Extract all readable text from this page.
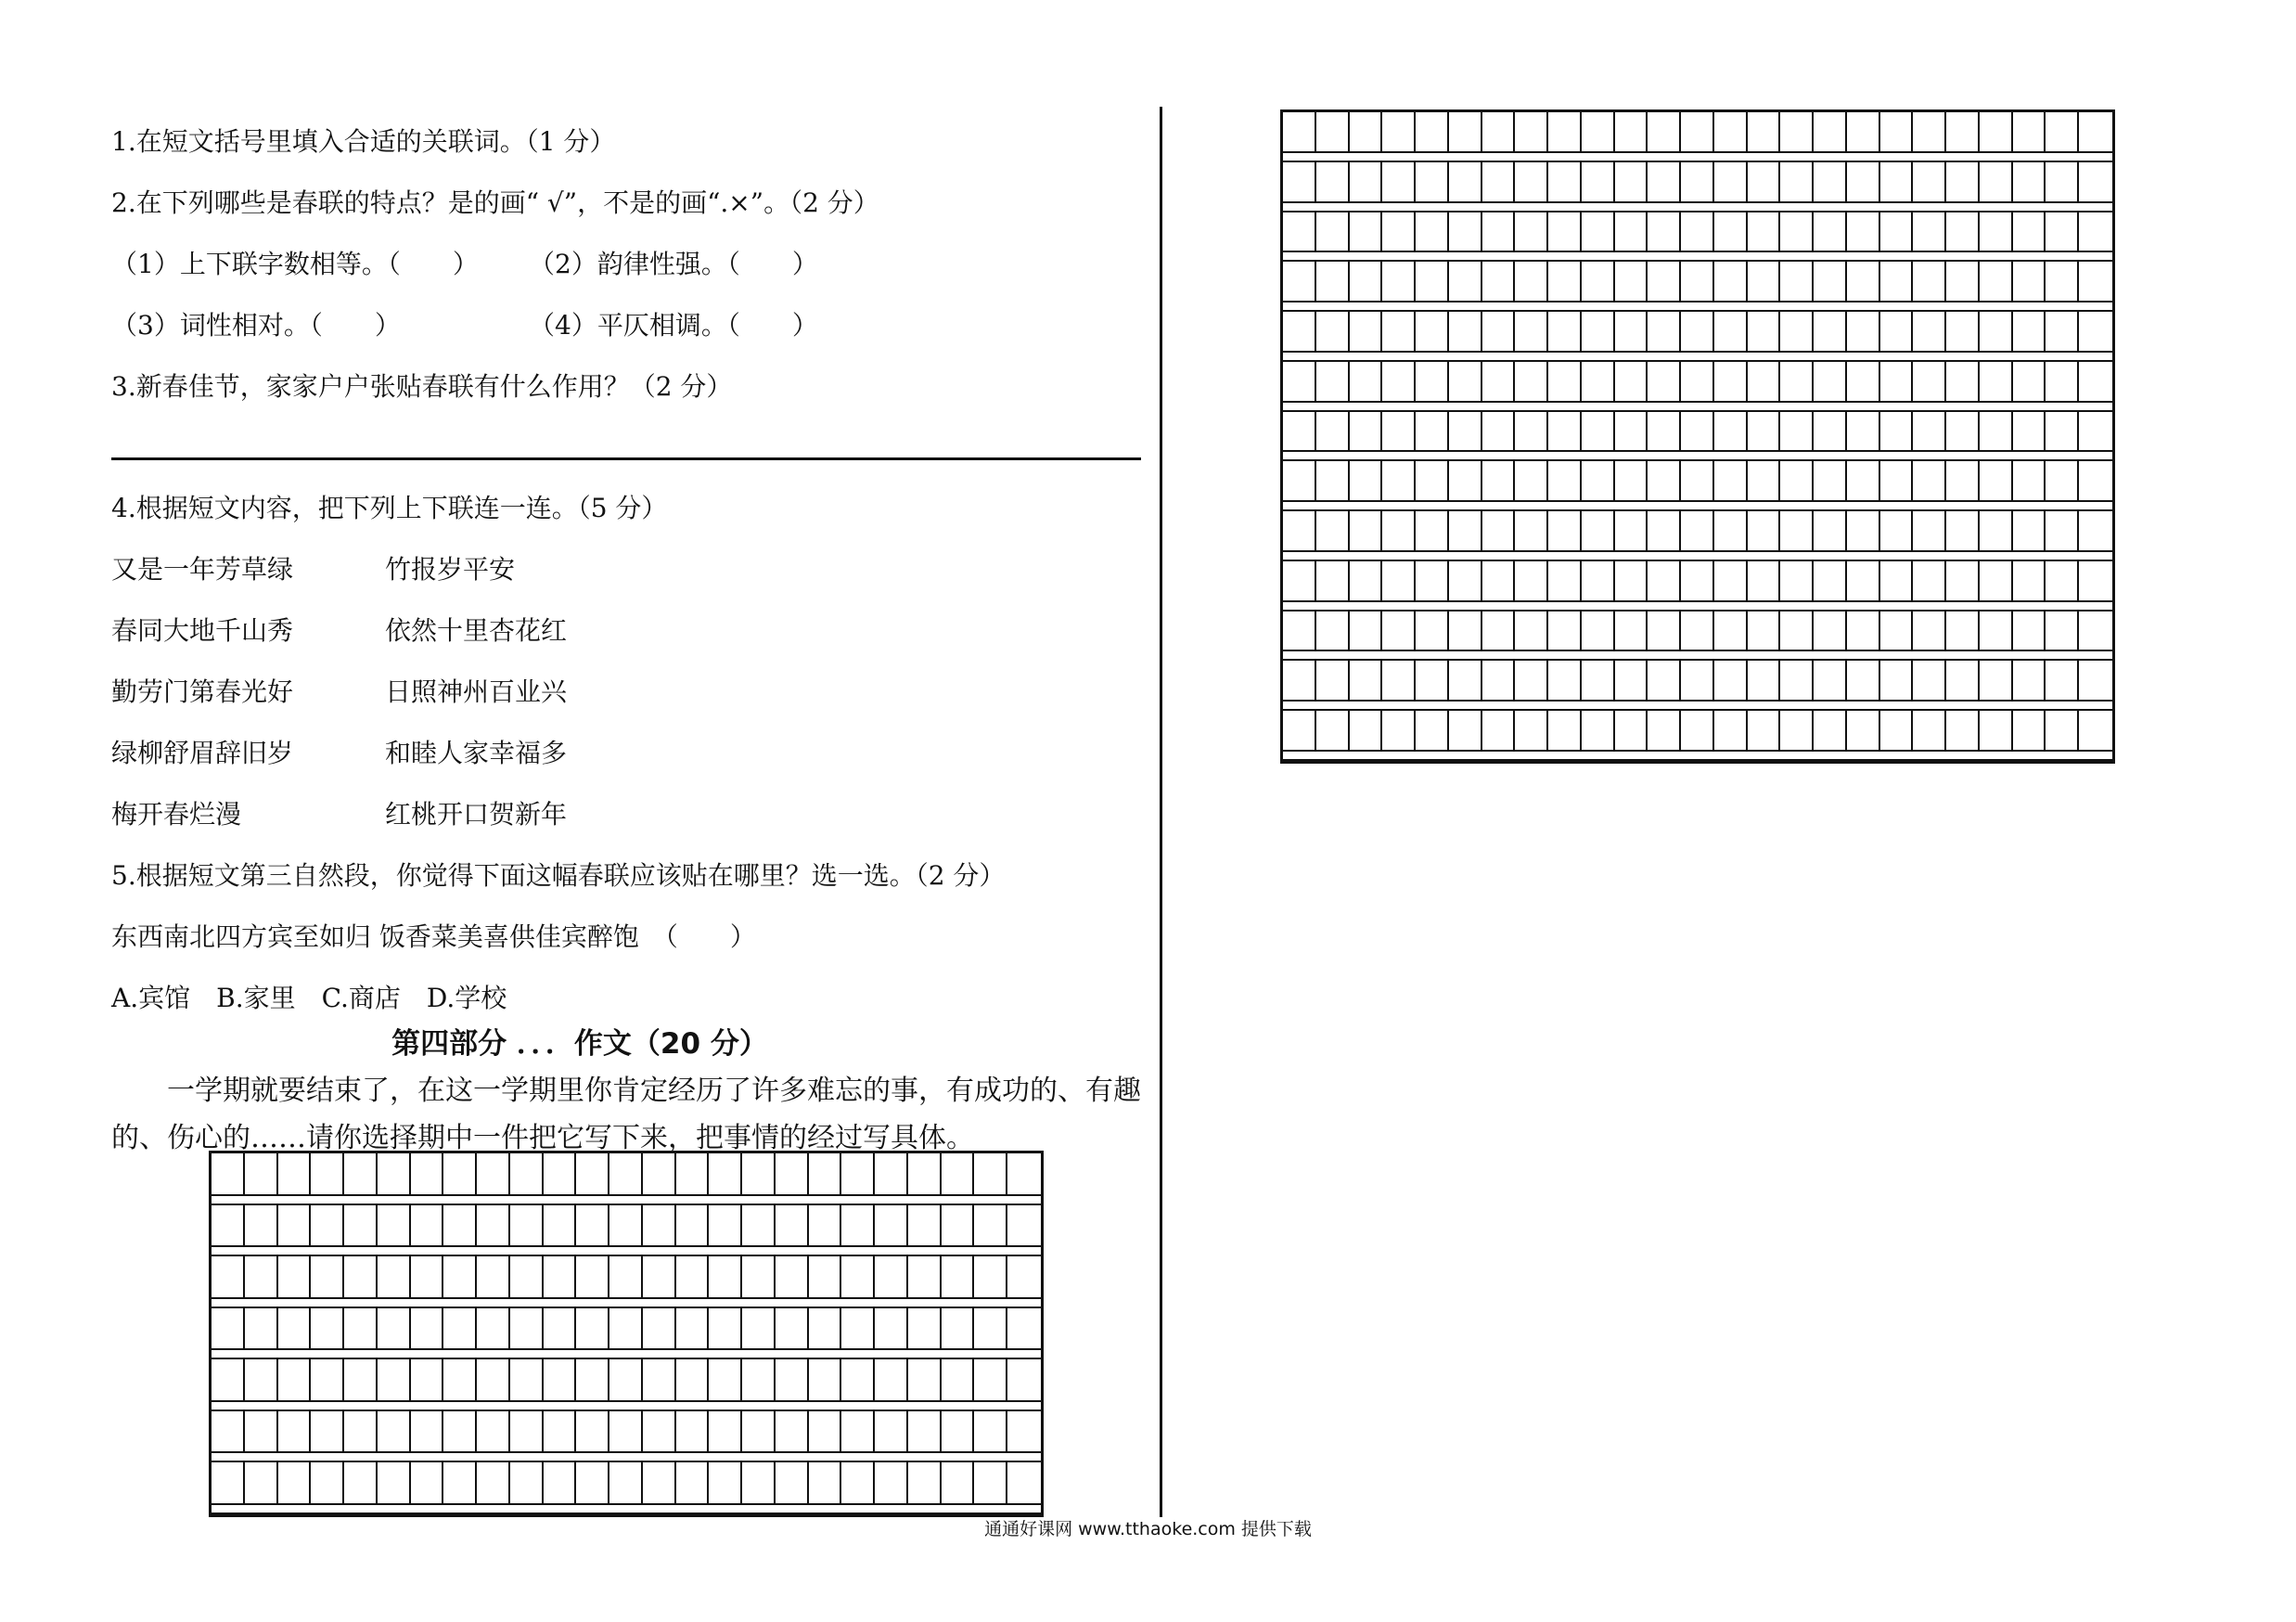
1.在短文括号里填入合适的关联词。（1 分）
2.在下列哪些是春联的特点？是的画“ √”，不是的画“.×”。（2 分）
（1）上下联字数相等。（　　） （2）韵律性强。（　　）
（3）词性相对。（　　）	（4）平仄相调。（　　）
3.新春佳节，家家户户张贴春联有什么作用？（2 分）
4.根据短文内容，把下列上下联连一连。（5 分）
又是一年芳草绿	竹报岁平安
春同大地千山秀	依然十里杏花红
勤劳门第春光好	日照神州百业兴
绿柳舒眉辞旧岁	和睦人家幸福多
梅开春烂漫	红桃开口贺新年
5.根据短文第三自然段，你觉得下面这幅春联应该贴在哪里？选一选。（2 分）
东西南北四方宾至如归 饭香菜美喜供佳宾醉饱　（　　）
A.宾馆　B.家里　C.商店　D.学校
第四部分 ．．．作文（20 分）
一学期就要结束了，在这一学期里你肯定经历了许多难忘的事，有成功的、有趣的、伤心的……请你选择期中一件把它写下来，把事情的经过写具体。
通通好课网 www.tthaoke.com 提供下载
